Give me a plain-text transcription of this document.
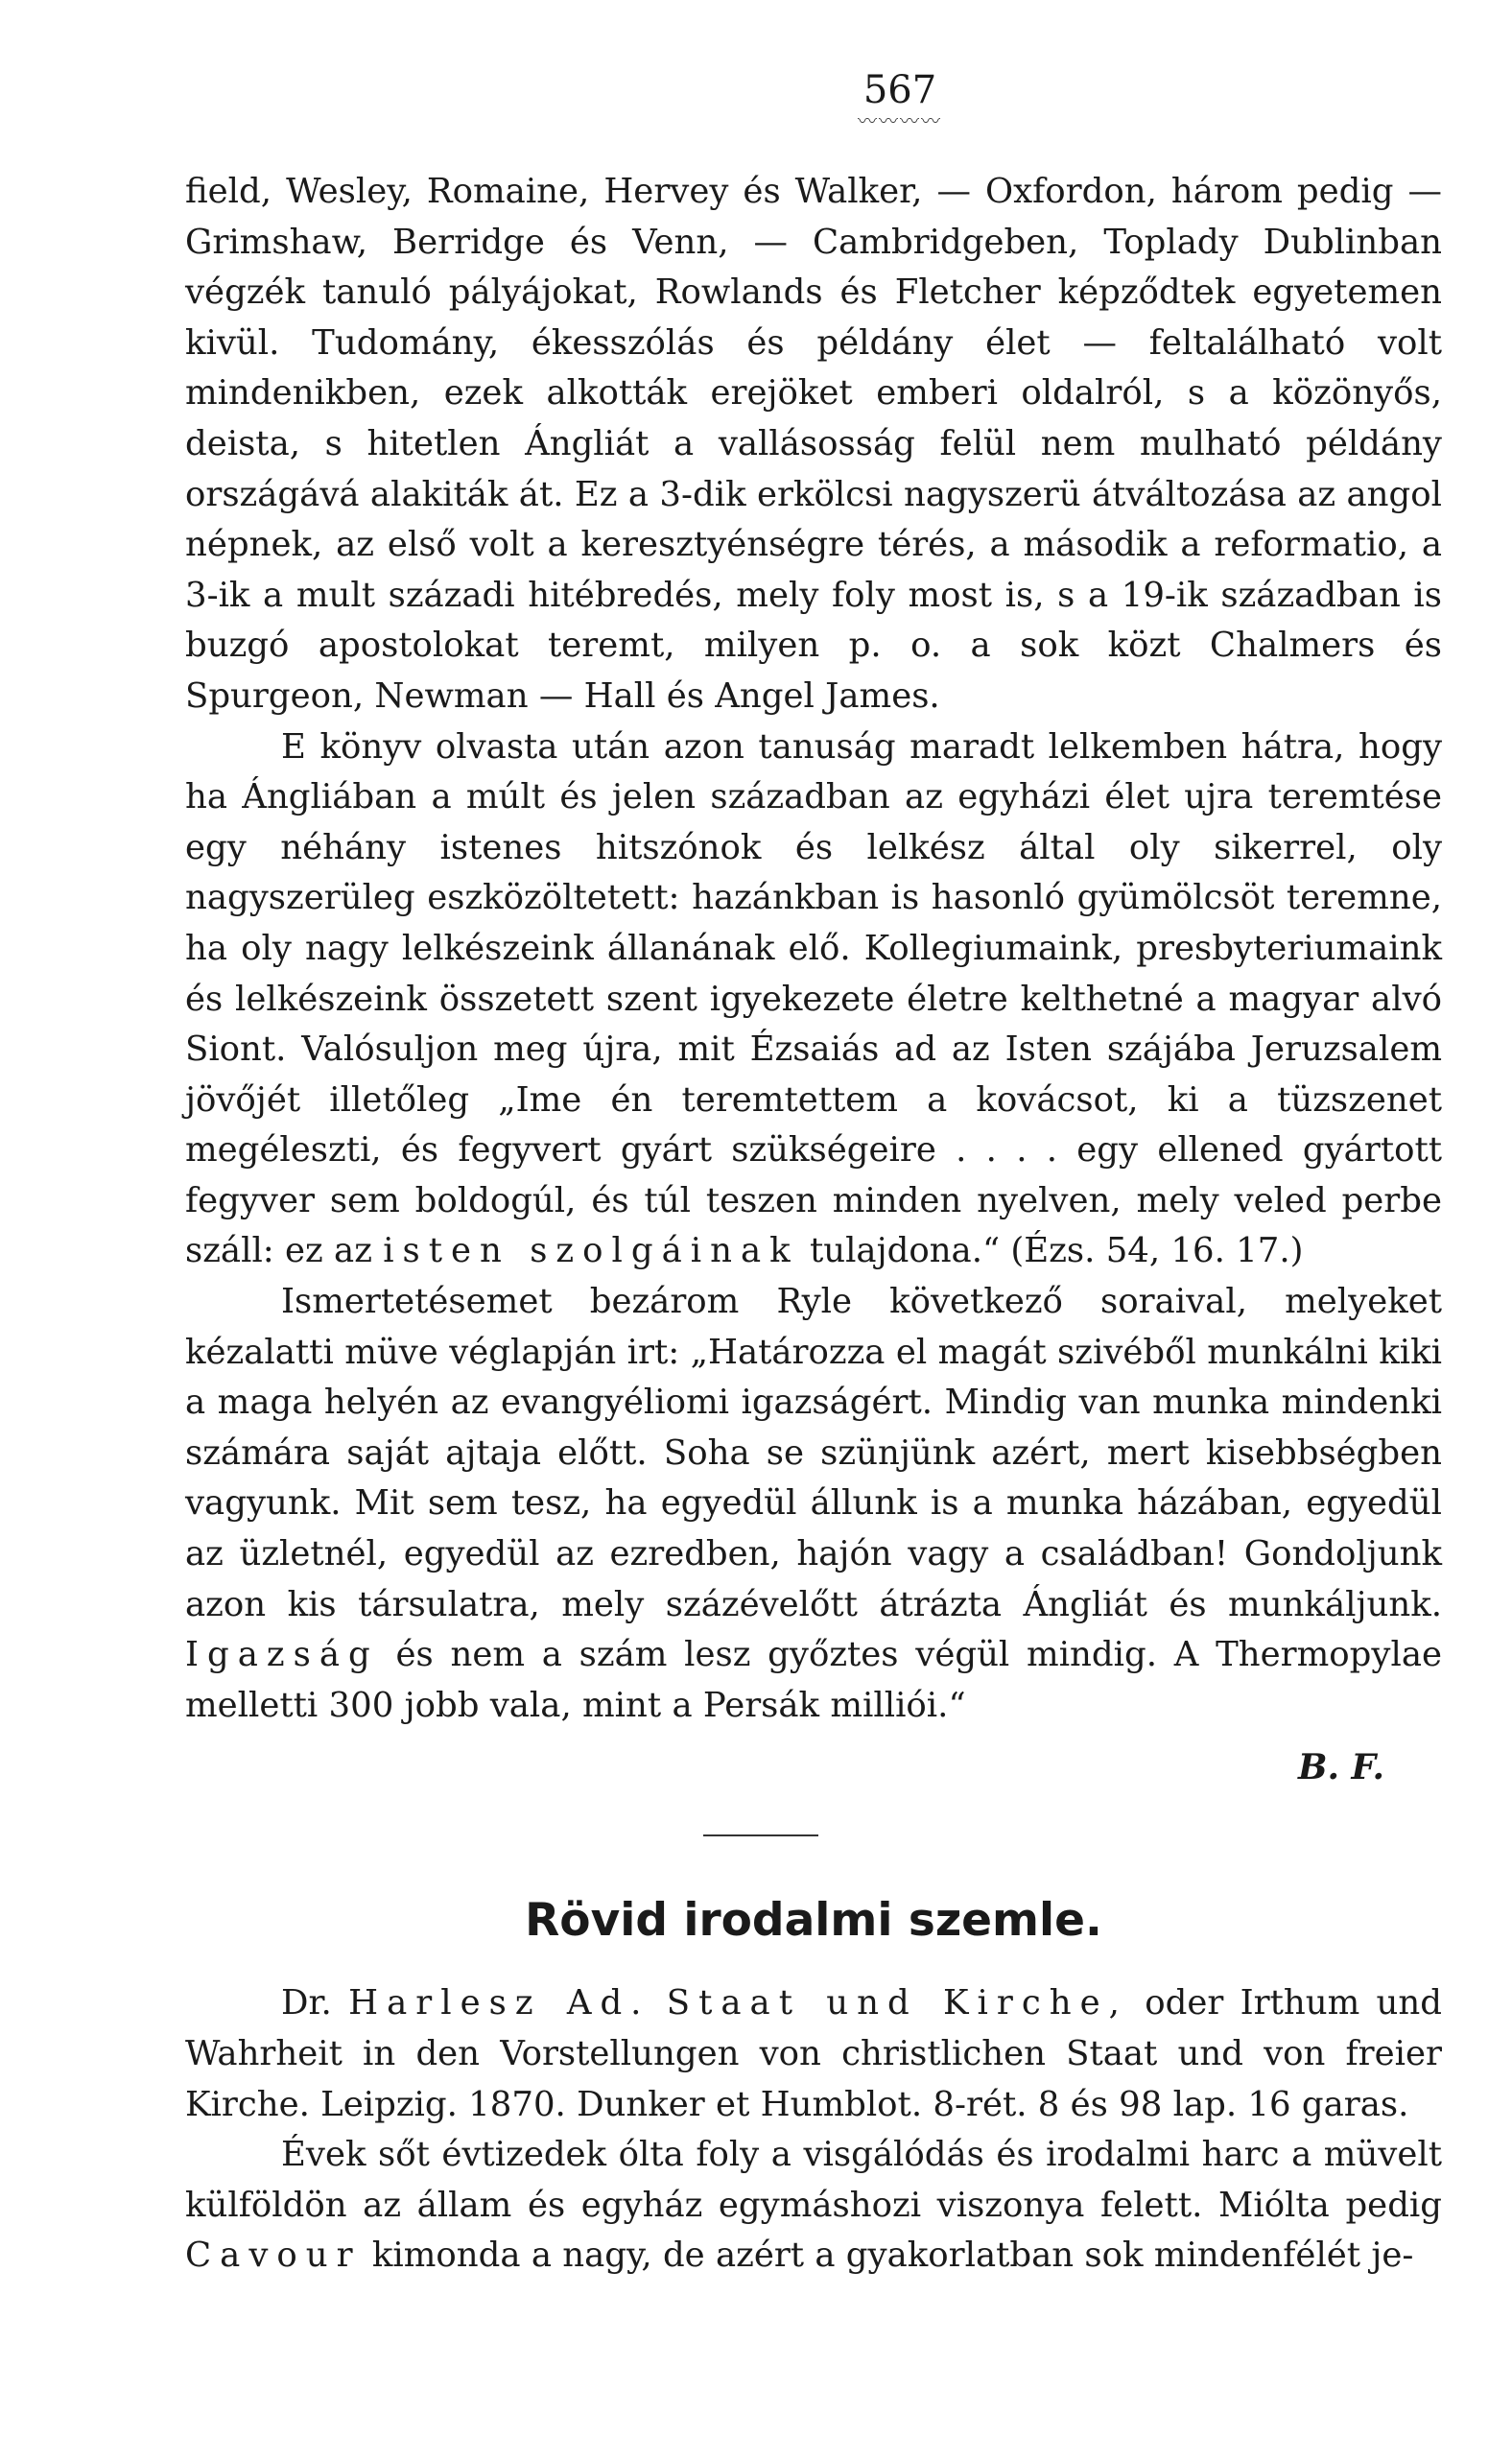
567
〰〰〰〰

field, Wesley, Romaine, Hervey és Walker, — Oxfordon, három pedig — Grimshaw, Berridge és Venn, — Cambridgeben, Toplady Dublinban végzék tanuló pályájokat, Rowlands és Fletcher képződtek egyetemen kivül. Tudomány, ékesszólás és példány élet — feltalálható volt mindenikben, ezek alkották erejöket emberi oldalról, s a közönyős, deista, s hitetlen Ángliát a vallásosság felül nem mulható példány országává alakiták át. Ez a 3-dik erkölcsi nagyszerü átváltozása az angol népnek, az első volt a keresztyénségre térés, a második a reformatio, a 3-ik a mult századi hitébredés, mely foly most is, s a 19-ik században is buzgó apostolokat teremt, milyen p. o. a sok közt Chalmers és Spurgeon, Newman — Hall és Angel James.

E könyv olvasta után azon tanuság maradt lelkemben hátra, hogy ha Ángliában a múlt és jelen században az egyházi élet ujra teremtése egy néhány istenes hitszónok és lelkész által oly sikerrel, oly nagyszerüleg eszközöltetett: hazánkban is hasonló gyümölcsöt teremne, ha oly nagy lelkészeink állanának elő. Kollegiumaink, presbyteriumaink és lelkészeink összetett szent igyekezete életre kelthetné a magyar alvó Siont. Valósuljon meg újra, mit Ézsaiás ad az Isten szájába Jeruzsalem jövőjét illetőleg „Ime én teremtettem a kovácsot, ki a tüzszenet megéleszti, és fegyvert gyárt szükségeire . . . . egy ellened gyártott fegyver sem boldogúl, és túl teszen minden nyelven, mely veled perbe száll: ez az isten szolgáinak tulajdona.“ (Ézs. 54, 16. 17.)

Ismertetésemet bezárom Ryle következő soraival, melyeket kézalatti müve véglapján irt: „Határozza el magát szivéből munkálni kiki a maga helyén az evangyéliomi igazságért. Mindig van munka mindenki számára saját ajtaja előtt. Soha se szünjünk azért, mert kisebbségben vagyunk. Mit sem tesz, ha egyedül állunk is a munka házában, egyedül az üzletnél, egyedül az ezredben, hajón vagy a családban! Gondoljunk azon kis társulatra, mely százévelőtt átrázta Ángliát és munkáljunk. Igazság és nem a szám lesz győztes végül mindig. A Thermopylae melletti 300 jobb vala, mint a Persák milliói.“

B. F.
Rövid irodalmi szemle.

Dr. Harlesz Ad. Staat und Kirche, oder Irthum und Wahrheit in den Vorstellungen von christlichen Staat und von freier Kirche. Leipzig. 1870. Dunker et Humblot. 8-rét. 8 és 98 lap. 16 garas.

Évek sőt évtizedek ólta foly a visgálódás és irodalmi harc a müvelt külföldön az állam és egyház egymáshozi viszonya felett. Miólta pedig Cavour kimonda a nagy, de azért a gyakorlatban sok mindenfélét je-
